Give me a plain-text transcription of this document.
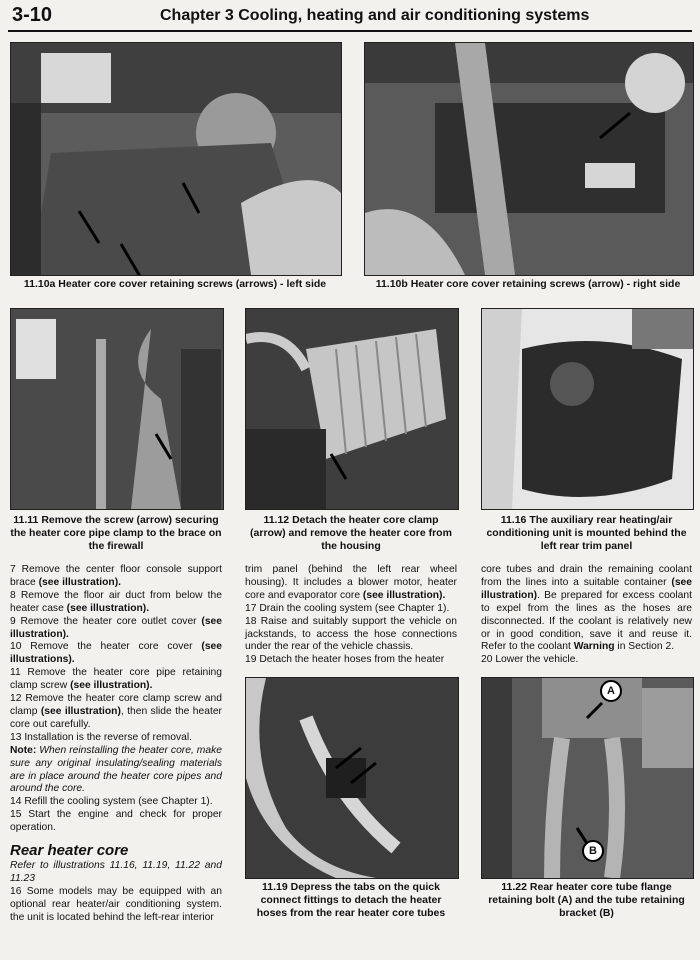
3-10	Chapter 3 Cooling, heating and air conditioning systems
11.10a Heater core cover retaining screws (arrows) - left side	11.10b Heater core cover retaining screws (arrow) - right side
11.11 Remove the screw (arrow) securing the heater core pipe clamp to the brace on the firewall
11.12 Detach the heater core clamp (arrow) and remove the heater core from the housing
11.16 The auxiliary rear heating/air conditioning unit is mounted behind the left rear trim panel

7 Remove the center floor console support brace (see illustration).

8 Remove the floor air duct from below the heater case (see illustration).

9 Remove the heater core outlet cover (see illustration).

10 Remove the heater core cover (see illustrations).

11 Remove the heater core pipe retaining clamp screw (see illustration).

12 Remove the heater core clamp screw and clamp (see illustration), then slide the heater core out carefully.

13 Installation is the reverse of removal.

Note: When reinstalling the heater core, make sure any original insulating/sealing materials are in place around the heater core pipes and around the core.

14 Refill the cooling system (see Chapter 1).

15 Start the engine and check for proper operation.

Rear heater core

Refer to illustrations 11.16, 11.19, 11.22 and 11.23

16 Some models may be equipped with an optional rear heater/air conditioning system. the unit is located behind the left-rear interior

trim panel (behind the left rear wheel housing). It includes a blower motor, heater core and evaporator core (see illustration).

17 Drain the cooling system (see Chapter 1).

18 Raise and suitably support the vehicle on jackstands, to access the hose connections under the rear of the vehicle chassis.

19 Detach the heater hoses from the heater

core tubes and drain the remaining coolant from the lines into a suitable container (see illustration). Be prepared for excess coolant to expel from the lines as the hoses are disconnected. If the coolant is relatively new or in good condition, save it and reuse it. Refer to the coolant Warning in Section 2.

20 Lower the vehicle.

11.19 Depress the tabs on the quick connect fittings to detach the heater hoses from the rear heater core tubes
A
B
11.22 Rear heater core tube flange retaining bolt (A) and the tube retaining bracket (B)
